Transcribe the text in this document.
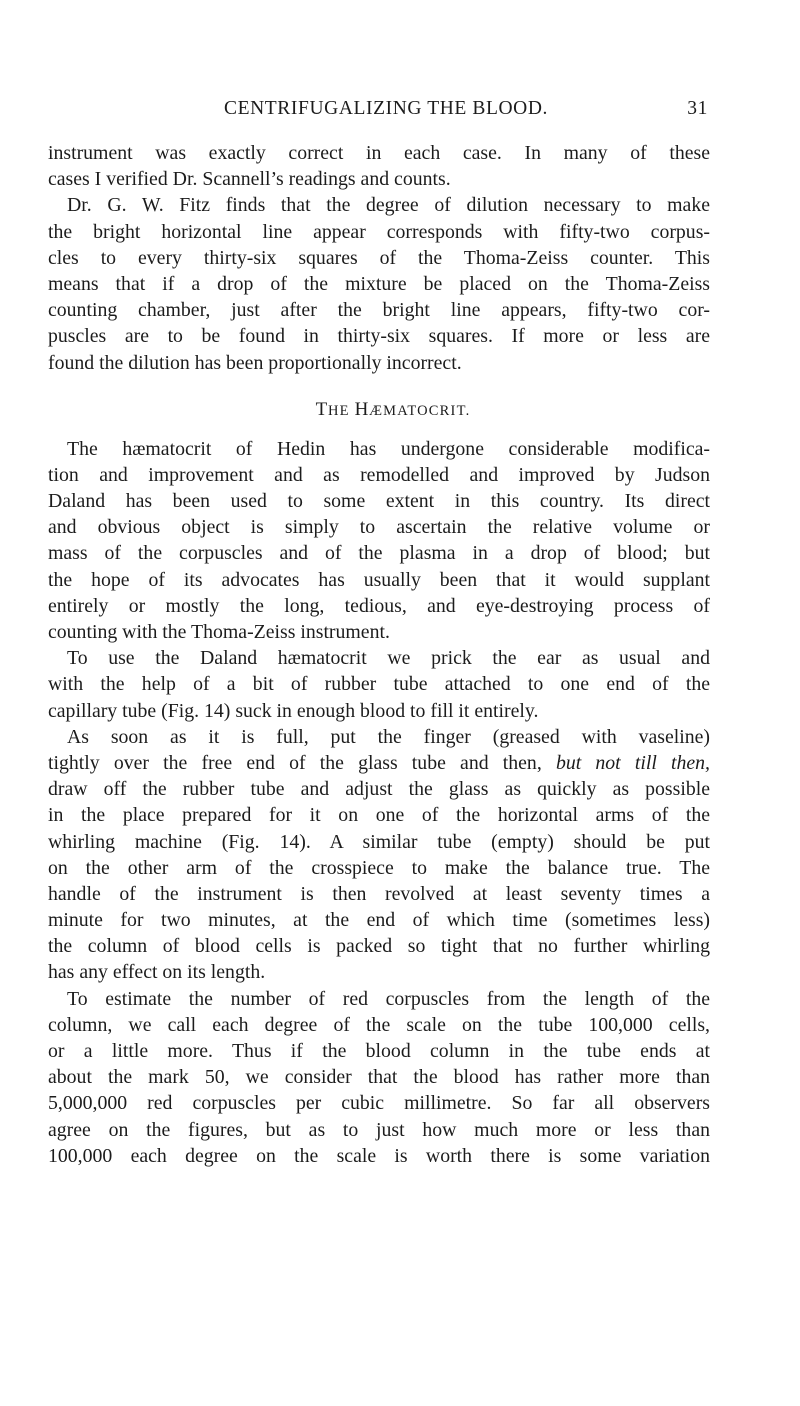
CENTRIFUGALIZING THE BLOOD.	31
instrument was exactly correct in each case. In many of these
cases I verified Dr. Scannell’s readings and counts.
Dr. G. W. Fitz finds that the degree of dilution necessary to make
the bright horizontal line appear corresponds with fifty-two corpus-
cles to every thirty-six squares of the Thoma-Zeiss counter. This
means that if a drop of the mixture be placed on the Thoma-Zeiss
counting chamber, just after the bright line appears, fifty-two cor-
puscles are to be found in thirty-six squares. If more or less are
found the dilution has been proportionally incorrect.
THE HÆMATOCRIT.
The hæmatocrit of Hedin has undergone considerable modifica-
tion and improvement and as remodelled and improved by Judson
Daland has been used to some extent in this country. Its direct
and obvious object is simply to ascertain the relative volume or
mass of the corpuscles and of the plasma in a drop of blood; but
the hope of its advocates has usually been that it would supplant
entirely or mostly the long, tedious, and eye-destroying process of
counting with the Thoma-Zeiss instrument.
To use the Daland hæmatocrit we prick the ear as usual and
with the help of a bit of rubber tube attached to one end of the
capillary tube (Fig. 14) suck in enough blood to fill it entirely.
As soon as it is full, put the finger (greased with vaseline)
tightly over the free end of the glass tube and then, but not till then,
draw off the rubber tube and adjust the glass as quickly as possible
in the place prepared for it on one of the horizontal arms of the
whirling machine (Fig. 14). A similar tube (empty) should be put
on the other arm of the crosspiece to make the balance true. The
handle of the instrument is then revolved at least seventy times a
minute for two minutes, at the end of which time (sometimes less)
the column of blood cells is packed so tight that no further whirling
has any effect on its length.
To estimate the number of red corpuscles from the length of the
column, we call each degree of the scale on the tube 100,000 cells,
or a little more. Thus if the blood column in the tube ends at
about the mark 50, we consider that the blood has rather more than
5,000,000 red corpuscles per cubic millimetre. So far all observers
agree on the figures, but as to just how much more or less than
100,000 each degree on the scale is worth there is some variation
